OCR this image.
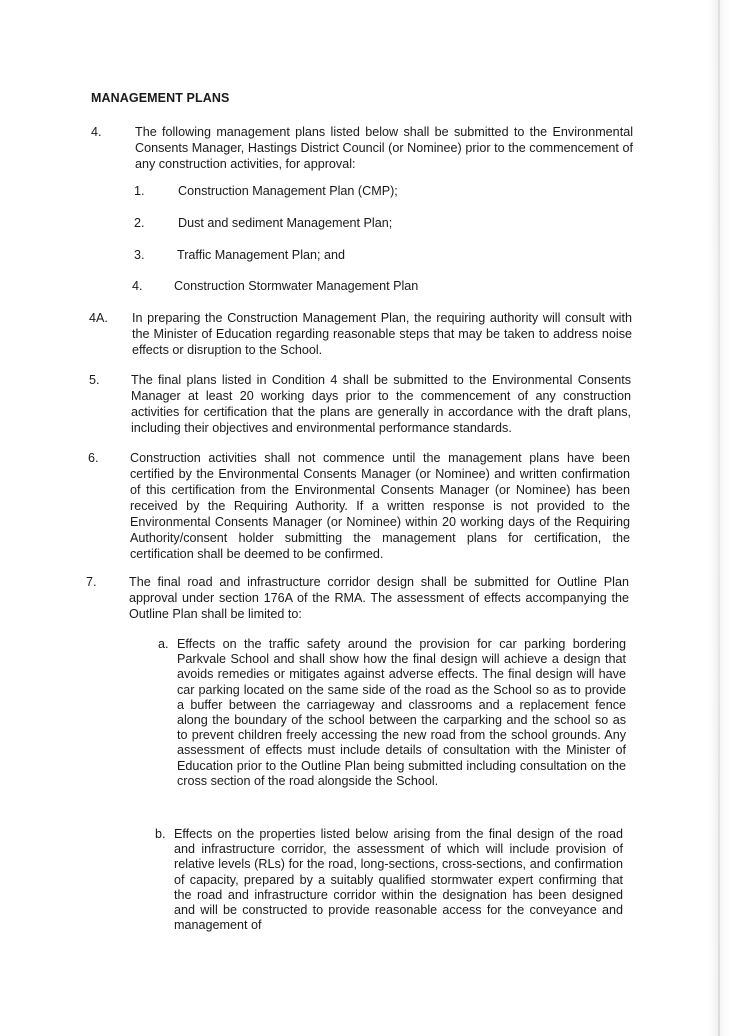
MANAGEMENT PLANS
4.	The following management plans listed below shall be submitted to the Environmental Consents Manager, Hastings District Council (or Nominee) prior to the commencement of any construction activities, for approval:
1.	Construction Management Plan (CMP);
2.	Dust and sediment Management Plan;
3.	Traffic Management Plan; and
4. Construction Stormwater Management Plan
4A.	In preparing the Construction Management Plan, the requiring authority will consult with the Minister of Education regarding reasonable steps that may be taken to address noise effects or disruption to the School.
5.	The final plans listed in Condition 4 shall be submitted to the Environmental Consents Manager at least 20 working days prior to the commencement of any construction activities for certification that the plans are generally in accordance with the draft plans, including their objectives and environmental performance standards.
6.	Construction activities shall not commence until the management plans have been certified by the Environmental Consents Manager (or Nominee) and written confirmation of this certification from the Environmental Consents Manager (or Nominee) has been received by the Requiring Authority. If a written response is not provided to the Environmental Consents Manager (or Nominee) within 20 working days of the Requiring Authority/consent holder submitting the management plans for certification, the certification shall be deemed to be confirmed.
7.	The final road and infrastructure corridor design shall be submitted for Outline Plan approval under section 176A of the RMA. The assessment of effects accompanying the Outline Plan shall be limited to:
a. Effects on the traffic safety around the provision for car parking bordering Parkvale School and shall show how the final design will achieve a design that avoids remedies or mitigates against adverse effects. The final design will have car parking located on the same side of the road as the School so as to provide a buffer between the carriageway and classrooms and a replacement fence along the boundary of the school between the carparking and the school so as to prevent children freely accessing the new road from the school grounds. Any assessment of effects must include details of consultation with the Minister of Education prior to the Outline Plan being submitted including consultation on the cross section of the road alongside the School.
b. Effects on the properties listed below arising from the final design of the road and infrastructure corridor, the assessment of which will include provision of relative levels (RLs) for the road, long-sections, cross-sections, and confirmation of capacity, prepared by a suitably qualified stormwater expert confirming that the road and infrastructure corridor within the designation has been designed and will be constructed to provide reasonable access for the conveyance and management of
